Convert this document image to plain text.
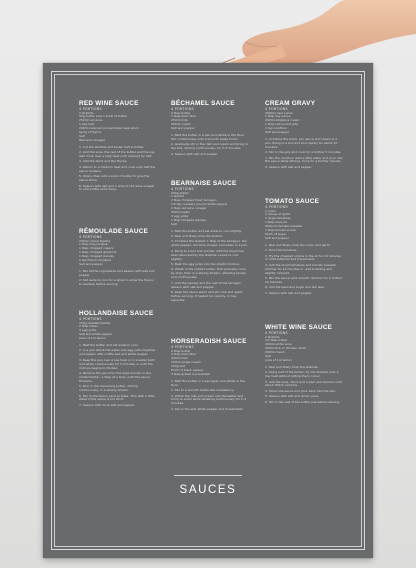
RED WINE SAUCE
4 PORTIONS
2 shallots
50g butter plus 1 knob of butter
250ml red wine
1 bay leaf
200ml reduced concentrated veal stock
Sprig of thyme
Salt
Red wine vinegar
1. Cut the shallots and brown half in butter.
2. Add the wine, the rest of the butter and the bay leaf. Cook over a high heat until reduced by half.
3. Add the stock and the thyme.
4. Return to a medium heat and cook until half the sauce remains.
5. Strain, then add a knob of butter to give the sauce shine.
6. Season with salt and a drop of red wine vinegar to add a little extra tang.
RÉMOULADE SAUCE
4 PORTIONS
200ml crème fraîche
1 tbsp mayonnaise
1 tbsp chopped capers
1 tbsp chopped gherkins
1 tbsp chopped parsley
1 tsp French mustard
Salt and pepper
1. Mix all the ingredients and season with salt and pepper.
2. Set aside to cool for a while to allow the flavour to develop before serving.
HOLLANDAISE SAUCE
4 PORTIONS
150g unsalted butter
2 tbsp water
3 egg yolks
Salt and white pepper
Juice of 1/2 lemon
1. Melt the butter and set aside to cool.
2. In a pan whisk the water and egg yolks together and season with a little salt and white pepper.
3. Keep the pan over a low heat or in a water bath and whisk continuously for 5 minutes or until the mixture begins to thicken.
4. Remove the pan from the heat and stir in the melted butter, 1 tbsp at a time, until the sauce thickens.
5. Pour in the remaining butter, stirring continuously, in a steady stream.
6. Mix in the lemon juice to taste. Thin with a little water if the sauce is too thick.
7. Season with more salt and pepper.
BÉCHAMEL SAUCE
4 PORTIONS
2 tbsp butter
3 tbsp plain flour
250ml milk
200ml cream
Salt and pepper
1. Melt the butter in a pan and whisk in the flour. Stir continuously until a smooth paste forms.
2. Gradually stir in the milk and cream and bring to the boil, stirring continuously, for 3–5 minutes.
3. Season with salt and pepper.
BEARNAISE SAUCE
4 PORTIONS
200g butter
1 shallot
2 tbsp chopped fresh tarragon
1/2 tsp coarsely ground white pepper
2 tbsp red wine vinegar
200ml water
3 egg yolks
1 tbsp chopped parsley
Salt
1. Melt the butter and set aside to cool slightly.
2. Peel and finely chop the shallot.
3. Combine the shallot, 1 tbsp of the tarragon, the white pepper, red wine vinegar and water in a pan.
4. Bring to a boil and simmer until the liquid has been absorbed by the shallots. Leave to cool slightly.
5. Beat the egg yolks into the shallot mixture.
6. Whisk in the melted butter, first gradually drop by drop, then in a steady stream, whisking briskly and continuously.
7. Add the parsley and the rest of the tarragon. Season with salt and pepper.
8. Keep the sauce warm and stir now and again before serving. If heated too quickly, it may separate.
HORSERADISH SAUCE
4 PORTIONS
2 tbsp butter
2 tbsp plain flour
400ml milk
150ml single cream
100g salt
Pinch of black pepper
3 tbsp grated horseradish
1. Melt the butter in a saucepan and whisk in the flour.
2. Stir to a smooth batter-like consistency.
3. Whisk the milk and cream into the batter and bring to a boil while whisking continuously for 2–3 minutes.
4. Stir in the salt, white pepper and horseradish.
CREAM GRAVY
4 PORTIONS
400ml roast juices
1 tbsp soy sauce
200ml whipping cream
1 tbsp redcurrant jelly
1 tsp cornflour
Salt and pepper
1. Combine the stock, soy sauce and cream in a pan. Bring to a boil and boil rapidly for about 10 minutes.
2. Stir in the jelly and cook for a further 5 minutes.
3. Mix the cornflour with a little water and pour into the sauce while stirring. Cook for a further minute.
4. Season with salt and pepper.
TOMATO SAUCE
4 PORTIONS
1 onion
2 cloves of garlic
2 large tomatoes
1 tbsp olive oil
400g tin tomato passata
1 tbsp tomato purée
Pinch of sugar
Salt and pepper
1. Peel and finely chop the onion and garlic.
2. Dice the tomatoes.
3. Fry the chopped onions in the oil for 10 minutes or until softened and translucent.
4. Add the diced tomatoes and tomato passata. Simmer for 10 minutes or until bubbling and slightly reduced.
5. Mix the sauce until smooth. Simmer for a further 10 minutes.
6. Add the basil and sugar and stir well.
7. Season with salt and pepper.
WHITE WINE SAUCE
4 PORTIONS
2 shallots
1/2 tbsp butter
200ml white wine
200ml fish or chicken stock
200ml cream
Salt
Juice of 1/2 lemon
1. Peel and finely chop the shallots.
2. Using half of the butter, fry the shallots over a low heat without letting them colour.
3. Add the wine, stock and cream and simmer until about 300ml remains.
4. Strain the sauce and pour back into the pan.
5. Season with salt and lemon juice.
6. Stir in the rest of the butter just before serving.
SAUCES
